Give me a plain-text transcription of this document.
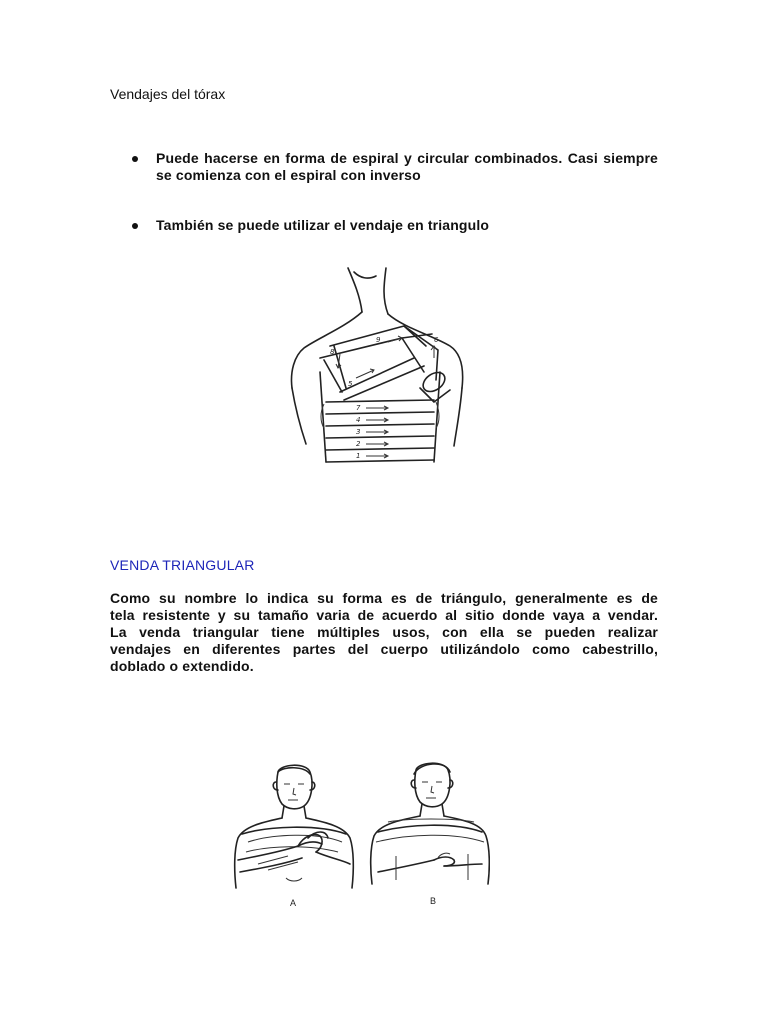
Vendajes del tórax
Puede hacerse en forma de espiral y circular combinados. Casi siempre se comienza con el espiral con inverso
También se puede utilizar el vendaje en triangulo
8
9	6
5
7
4
3
2
1
VENDA TRIANGULAR

Como su nombre lo indica su forma es de triángulo, generalmente es de
tela resistente y su tamaño varia de acuerdo al sitio donde vaya a vendar.
La venda triangular tiene múltiples usos, con ella se pueden realizar
vendajes en diferentes partes del cuerpo utilizándolo como cabestrillo,
doblado o extendido.

A	B
